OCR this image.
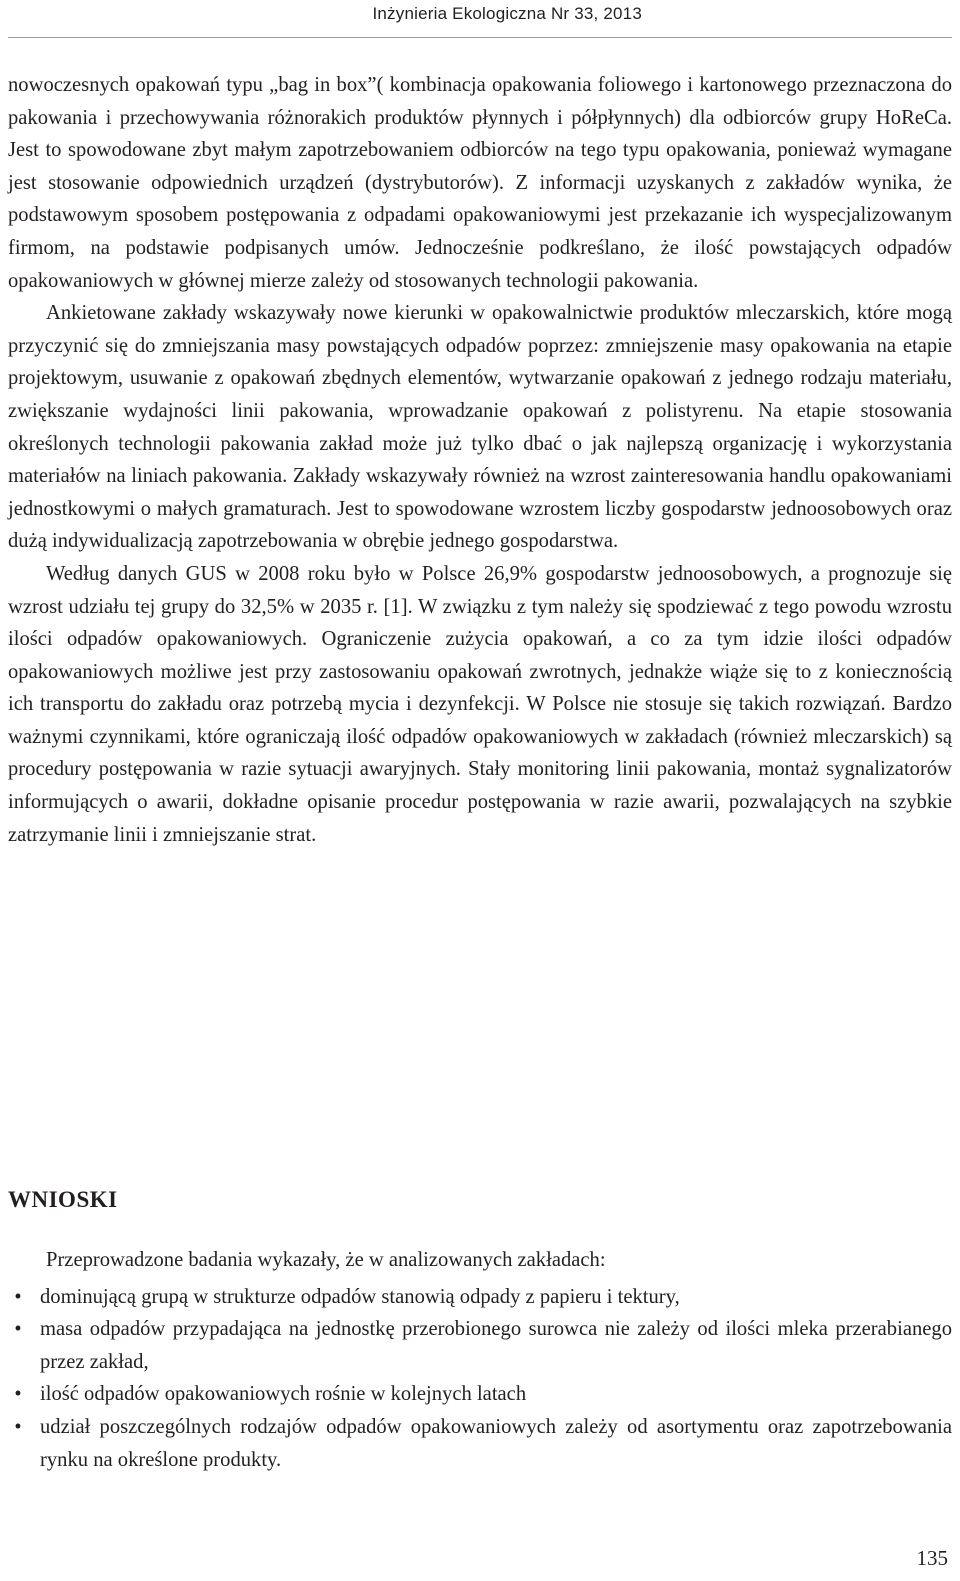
Inżynieria Ekologiczna Nr 33, 2013

nowoczesnych opakowań typu „bag in box”( kombinacja opakowania foliowego i kartonowego przeznaczona do pakowania i przechowywania różnorakich produktów płynnych i półpłynnych) dla odbiorców grupy HoReCa. Jest to spowodowane zbyt małym zapotrzebowaniem odbiorców na tego typu opakowania, ponieważ wymagane jest stosowanie odpowiednich urządzeń (dystrybutorów). Z informacji uzyskanych z zakładów wynika, że podstawowym sposobem postępowania z odpadami opakowaniowymi jest przekazanie ich wyspecjalizowanym firmom, na podstawie podpisanych umów. Jednocześnie podkreślano, że ilość powstających odpadów opakowaniowych w głównej mierze zależy od stosowanych technologii pakowania.

Ankietowane zakłady wskazywały nowe kierunki w opakowalnictwie produktów mleczarskich, które mogą przyczynić się do zmniejszania masy powstających odpadów poprzez: zmniejszenie masy opakowania na etapie projektowym, usuwanie z opakowań zbędnych elementów, wytwarzanie opakowań z jednego rodzaju materiału, zwiększanie wydajności linii pakowania, wprowadzanie opakowań z polistyrenu. Na etapie stosowania określonych technologii pakowania zakład może już tylko dbać o jak najlepszą organizację i wykorzystania materiałów na liniach pakowania. Zakłady wskazywały również na wzrost zainteresowania handlu opakowaniami jednostkowymi o małych gramaturach. Jest to spowodowane wzrostem liczby gospodarstw jednoosobowych oraz dużą indywidualizacją zapotrzebowania w obrębie jednego gospodarstwa.

Według danych GUS w 2008 roku było w Polsce 26,9% gospodarstw jednoosobowych, a prognozuje się wzrost udziału tej grupy do 32,5% w 2035 r. [1]. W związku z tym należy się spodziewać z tego powodu wzrostu ilości odpadów opakowaniowych. Ograniczenie zużycia opakowań, a co za tym idzie ilości odpadów opakowaniowych możliwe jest przy zastosowaniu opakowań zwrotnych, jednakże wiąże się to z koniecznością ich transportu do zakładu oraz potrzebą mycia i dezynfekcji. W Polsce nie stosuje się takich rozwiązań. Bardzo ważnymi czynnikami, które ograniczają ilość odpadów opakowaniowych w zakładach (również mleczarskich) są procedury postępowania w razie sytuacji awaryjnych. Stały monitoring linii pakowania, montaż sygnalizatorów informujących o awarii, dokładne opisanie procedur postępowania w razie awarii, pozwalających na szybkie zatrzymanie linii i zmniejszanie strat.

WNIOSKI

Przeprowadzone badania wykazały, że w analizowanych zakładach:

• dominującą grupą w strukturze odpadów stanowią odpady z papieru i tektury,
• masa odpadów przypadająca na jednostkę przerobionego surowca nie zależy od ilości mleka przerabianego przez zakład,
• ilość odpadów opakowaniowych rośnie w kolejnych latach
• udział poszczególnych rodzajów odpadów opakowaniowych zależy od asortymentu oraz zapotrzebowania rynku na określone produkty.
135
